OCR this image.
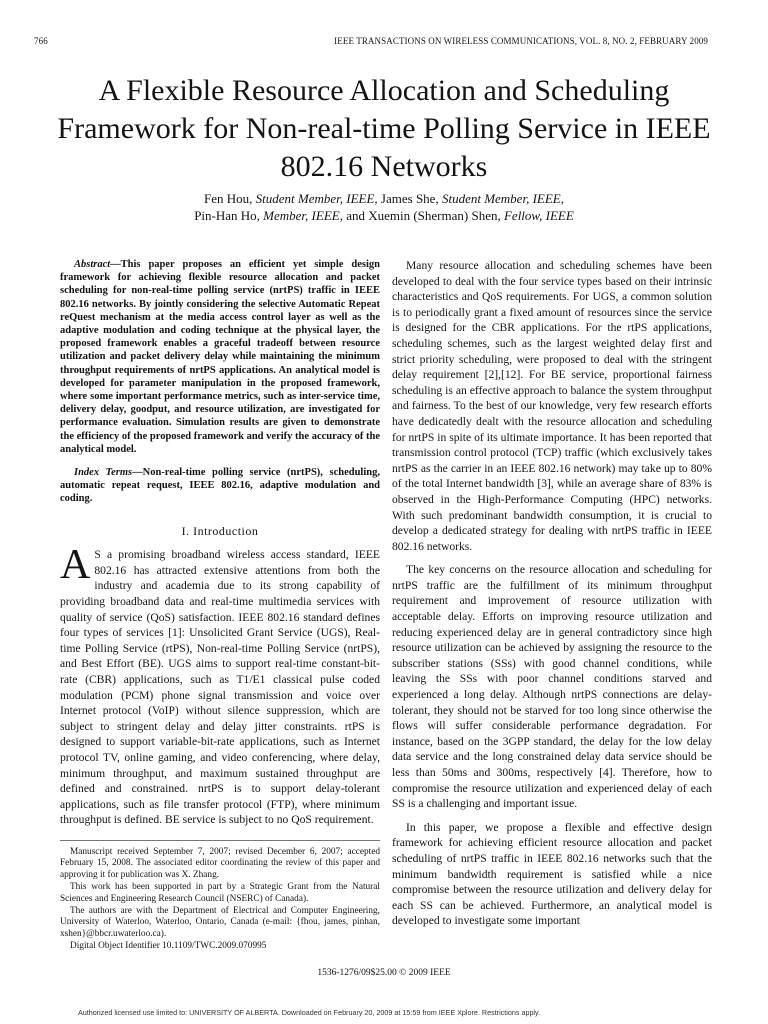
766	IEEE TRANSACTIONS ON WIRELESS COMMUNICATIONS, VOL. 8, NO. 2, FEBRUARY 2009
A Flexible Resource Allocation and Scheduling Framework for Non-real-time Polling Service in IEEE 802.16 Networks
Fen Hou, Student Member, IEEE, James She, Student Member, IEEE,
Pin-Han Ho, Member, IEEE, and Xuemin (Sherman) Shen, Fellow, IEEE

Abstract—This paper proposes an efficient yet simple design framework for achieving flexible resource allocation and packet scheduling for non-real-time polling service (nrtPS) traffic in IEEE 802.16 networks. By jointly considering the selective Automatic Repeat reQuest mechanism at the media access control layer as well as the adaptive modulation and coding technique at the physical layer, the proposed framework enables a graceful tradeoff between resource utilization and packet delivery delay while maintaining the minimum throughput requirements of nrtPS applications. An analytical model is developed for parameter manipulation in the proposed framework, where some important performance metrics, such as inter-service time, delivery delay, goodput, and resource utilization, are investigated for performance evaluation. Simulation results are given to demonstrate the efficiency of the proposed framework and verify the accuracy of the analytical model.

Index Terms—Non-real-time polling service (nrtPS), scheduling, automatic repeat request, IEEE 802.16, adaptive modulation and coding.

I. Introduction

A S a promising broadband wireless access standard, IEEE 802.16 has attracted extensive attentions from both the industry and academia due to its strong capability of providing broadband data and real-time multimedia services with quality of service (QoS) satisfaction. IEEE 802.16 standard defines four types of services [1]: Unsolicited Grant Service (UGS), Real-time Polling Service (rtPS), Non-real-time Polling Service (nrtPS), and Best Effort (BE). UGS aims to support real-time constant-bit-rate (CBR) applications, such as T1/E1 classical pulse coded modulation (PCM) phone signal transmission and voice over Internet protocol (VoIP) without silence suppression, which are subject to stringent delay and delay jitter constraints. rtPS is designed to support variable-bit-rate applications, such as Internet protocol TV, online gaming, and video conferencing, where delay, minimum throughput, and maximum sustained throughput are defined and constrained. nrtPS is to support delay-tolerant applications, such as file transfer protocol (FTP), where minimum throughput is defined. BE service is subject to no QoS requirement.

Manuscript received September 7, 2007; revised December 6, 2007; accepted February 15, 2008. The associated editor coordinating the review of this paper and approving it for publication was X. Zhang.

This work has been supported in part by a Strategic Grant from the Natural Sciences and Engineering Research Council (NSERC) of Canada).

The authors are with the Department of Electrical and Computer Engineering, University of Waterloo, Waterloo, Ontario, Canada (e-mail: {fhou, james, pinhan, xshen}@bbcr.uwaterloo.ca).

Digital Object Identifier 10.1109/TWC.2009.070995

Many resource allocation and scheduling schemes have been developed to deal with the four service types based on their intrinsic characteristics and QoS requirements. For UGS, a common solution is to periodically grant a fixed amount of resources since the service is designed for the CBR applications. For the rtPS applications, scheduling schemes, such as the largest weighted delay first and strict priority scheduling, were proposed to deal with the stringent delay requirement [2],[12]. For BE service, proportional fairness scheduling is an effective approach to balance the system throughput and fairness. To the best of our knowledge, very few research efforts have dedicatedly dealt with the resource allocation and scheduling for nrtPS in spite of its ultimate importance. It has been reported that transmission control protocol (TCP) traffic (which exclusively takes nrtPS as the carrier in an IEEE 802.16 network) may take up to 80% of the total Internet bandwidth [3], while an average share of 83% is observed in the High-Performance Computing (HPC) networks. With such predominant bandwidth consumption, it is crucial to develop a dedicated strategy for dealing with nrtPS traffic in IEEE 802.16 networks.

The key concerns on the resource allocation and scheduling for nrtPS traffic are the fulfillment of its minimum throughput requirement and improvement of resource utilization with acceptable delay. Efforts on improving resource utilization and reducing experienced delay are in general contradictory since high resource utilization can be achieved by assigning the resource to the subscriber stations (SSs) with good channel conditions, while leaving the SSs with poor channel conditions starved and experienced a long delay. Although nrtPS connections are delay-tolerant, they should not be starved for too long since otherwise the flows will suffer considerable performance degradation. For instance, based on the 3GPP standard, the delay for the low delay data service and the long constrained delay data service should be less than 50ms and 300ms, respectively [4]. Therefore, how to compromise the resource utilization and experienced delay of each SS is a challenging and important issue.

In this paper, we propose a flexible and effective design framework for achieving efficient resource allocation and packet scheduling of nrtPS traffic in IEEE 802.16 networks such that the minimum bandwidth requirement is satisfied while a nice compromise between the resource utilization and delivery delay for each SS can be achieved. Furthermore, an analytical model is developed to investigate some important

1536-1276/09$25.00 © 2009 IEEE
Authorized licensed use limited to: UNIVERSITY OF ALBERTA. Downloaded on February 20, 2009 at 15:59 from IEEE Xplore. Restrictions apply.
